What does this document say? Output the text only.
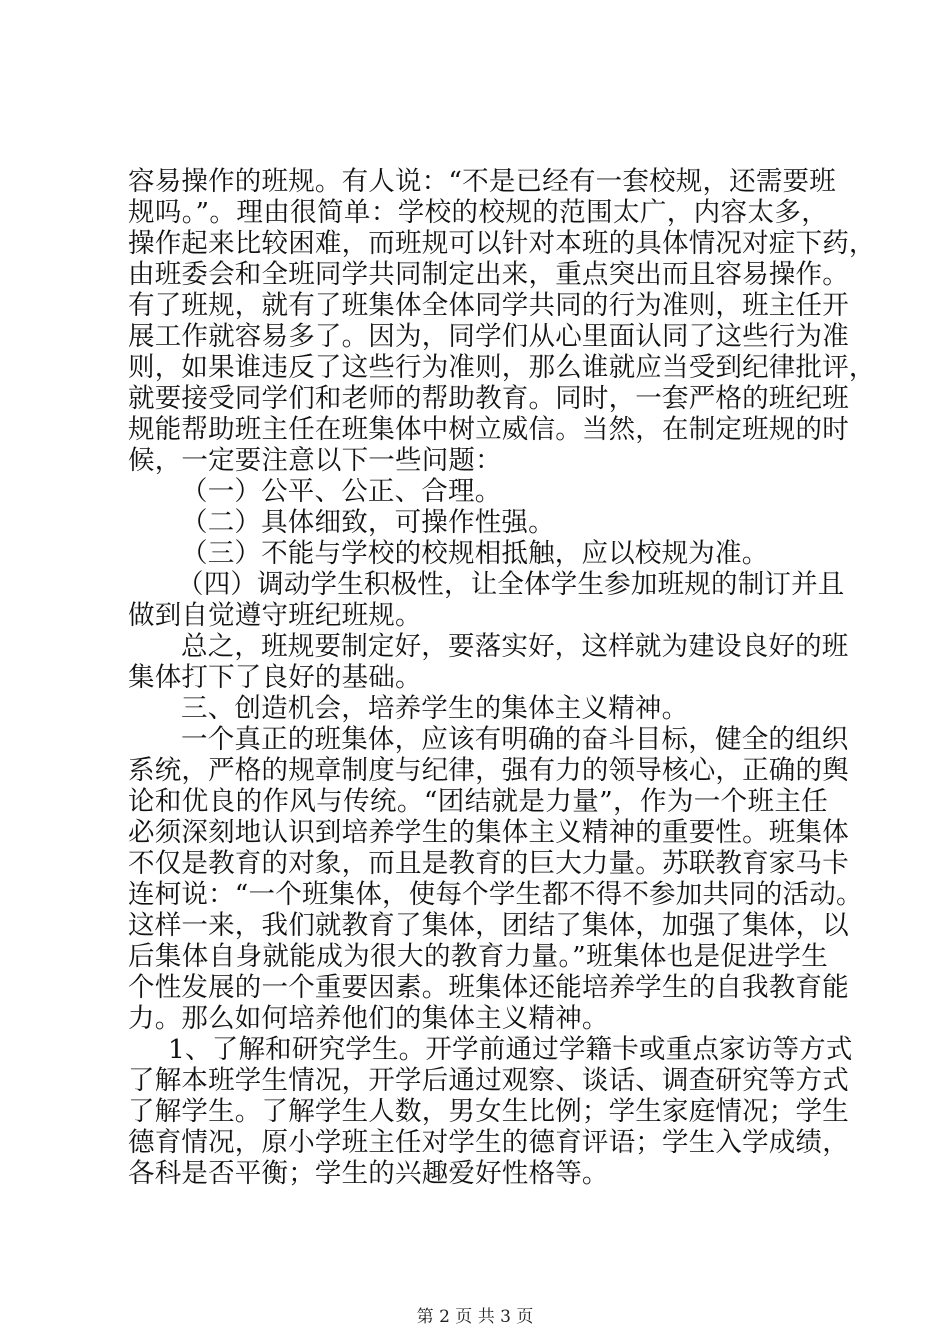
容易操作的班规。有人说：“不是已经有一套校规，还需要班
规吗。”。理由很简单：学校的校规的范围太广，内容太多，
操作起来比较困难，而班规可以针对本班的具体情况对症下药，
由班委会和全班同学共同制定出来，重点突出而且容易操作。
有了班规，就有了班集体全体同学共同的行为准则，班主任开
展工作就容易多了。因为，同学们从心里面认同了这些行为准
则，如果谁违反了这些行为准则，那么谁就应当受到纪律批评，
就要接受同学们和老师的帮助教育。同时，一套严格的班纪班
规能帮助班主任在班集体中树立威信。当然，在制定班规的时
候，一定要注意以下一些问题：
（一）公平、公正、合理。
（二）具体细致，可操作性强。
（三）不能与学校的校规相抵触，应以校规为准。
（四）调动学生积极性，让全体学生参加班规的制订并且
做到自觉遵守班纪班规。
总之，班规要制定好，要落实好，这样就为建设良好的班
集体打下了良好的基础。
三、创造机会，培养学生的集体主义精神。
一个真正的班集体，应该有明确的奋斗目标，健全的组织
系统，严格的规章制度与纪律，强有力的领导核心，正确的舆
论和优良的作风与传统。“团结就是力量”，作为一个班主任
必须深刻地认识到培养学生的集体主义精神的重要性。班集体
不仅是教育的对象，而且是教育的巨大力量。苏联教育家马卡
连柯说：“一个班集体，使每个学生都不得不参加共同的活动。
这样一来，我们就教育了集体，团结了集体，加强了集体，以
后集体自身就能成为很大的教育力量。”班集体也是促进学生
个性发展的一个重要因素。班集体还能培养学生的自我教育能
力。那么如何培养他们的集体主义精神。
1、了解和研究学生。开学前通过学籍卡或重点家访等方式
了解本班学生情况，开学后通过观察、谈话、调查研究等方式
了解学生。了解学生人数，男女生比例；学生家庭情况；学生
德育情况，原小学班主任对学生的德育评语；学生入学成绩，
各科是否平衡；学生的兴趣爱好性格等。
第 2 页 共 3 页
